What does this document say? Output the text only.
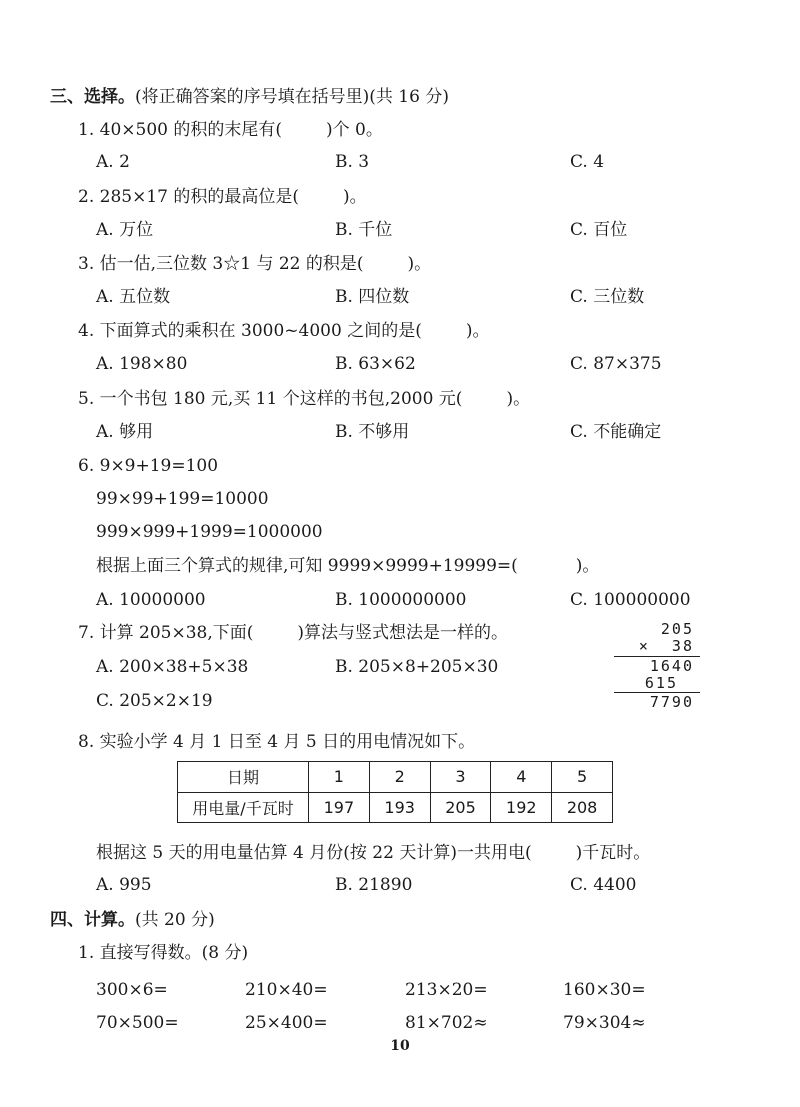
三、选择。(将正确答案的序号填在括号里)(共 16 分)
1. 40×500 的积的末尾有(	)个 0。
A. 2	B. 3	C. 4
2. 285×17 的积的最高位是(	)。
A. 万位	B. 千位	C. 百位
3. 估一估,三位数 3☆1 与 22 的积是(	)。
A. 五位数	B. 四位数	C. 三位数
4. 下面算式的乘积在 3000~4000 之间的是(	)。
A. 198×80	B. 63×62	C. 87×375
5. 一个书包 180 元,买 11 个这样的书包,2000 元(	)。
A. 够用	B. 不够用	C. 不能确定
6. 9×9+19=100
99×99+199=10000
999×999+1999=1000000
根据上面三个算式的规律,可知 9999×9999+19999=(	)。
A. 10000000	B. 1000000000	C. 100000000
7. 计算 205×38,下面(	)算法与竖式想法是一样的。
A. 200×38+5×38	B. 205×8+205×30
C. 205×2×19
205
×  38
1640
615
7790
8. 实验小学 4 月 1 日至 4 月 5 日的用电情况如下。
日期	1	2	3	4	5
用电量/千瓦时	197	193	205	192	208
根据这 5 天的用电量估算 4 月份(按 22 天计算)一共用电(	)千瓦时。
A. 995	B. 21890	C. 4400
四、计算。(共 20 分)
1. 直接写得数。(8 分)
300×6=	210×40=	213×20=	160×30=
70×500=	25×400=	81×702≈	79×304≈
10
